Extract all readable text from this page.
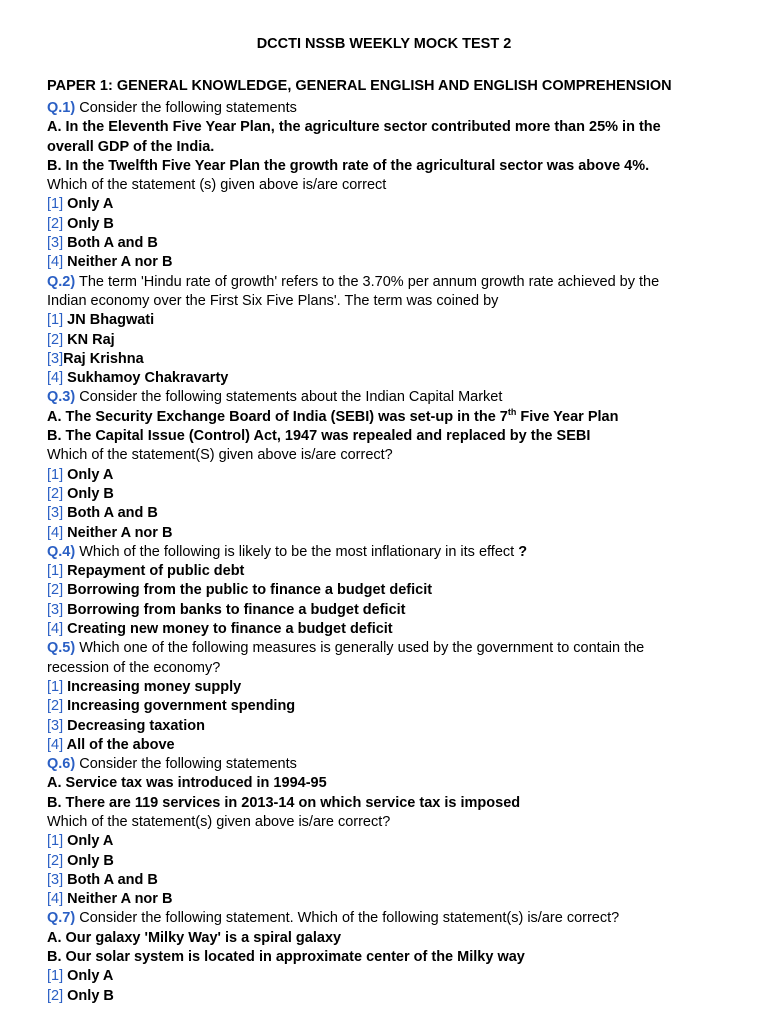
DCCTI NSSB WEEKLY MOCK TEST 2
PAPER 1: GENERAL KNOWLEDGE, GENERAL ENGLISH AND ENGLISH COMPREHENSION
Q.1) Consider the following statements
A. In the Eleventh Five Year Plan, the agriculture sector contributed more than 25% in the
overall GDP of the India.
B. In the Twelfth Five Year Plan the growth rate of the agricultural sector was above 4%.
Which of the statement (s) given above is/are correct
[1] Only A
[2] Only B
[3] Both A and B
[4] Neither A nor B
Q.2) The term 'Hindu rate of growth' refers to the 3.70% per annum growth rate achieved by the
Indian economy over the First Six Five Plans'. The term was coined by
[1] JN Bhagwati
[2] KN Raj
[3]Raj Krishna
[4] Sukhamoy Chakravarty
Q.3) Consider the following statements about the Indian Capital Market
A. The Security Exchange Board of India (SEBI) was set-up in the 7th Five Year Plan
B. The Capital Issue (Control) Act, 1947 was repealed and replaced by the SEBI
Which of the statement(S) given above is/are correct?
[1] Only A
[2] Only B
[3] Both A and B
[4] Neither A nor B
Q.4) Which of the following is likely to be the most inflationary in its effect ?
[1] Repayment of public debt
[2] Borrowing from the public to finance a budget deficit
[3] Borrowing from banks to finance a budget deficit
[4] Creating new money to finance a budget deficit
Q.5) Which one of the following measures is generally used by the government to contain the
recession of the economy?
[1] Increasing money supply
[2] Increasing government spending
[3] Decreasing taxation
[4] All of the above
Q.6) Consider the following statements
A. Service tax was introduced in 1994-95
B. There are 119 services in 2013-14 on which service tax is imposed
Which of the statement(s) given above is/are correct?
[1] Only A
[2] Only B
[3] Both A and B
[4] Neither A nor B
Q.7) Consider the following statement. Which of the following statement(s) is/are correct?
A. Our galaxy 'Milky Way' is a spiral galaxy
B. Our solar system is located in approximate center of the Milky way
[1] Only A
[2] Only B
